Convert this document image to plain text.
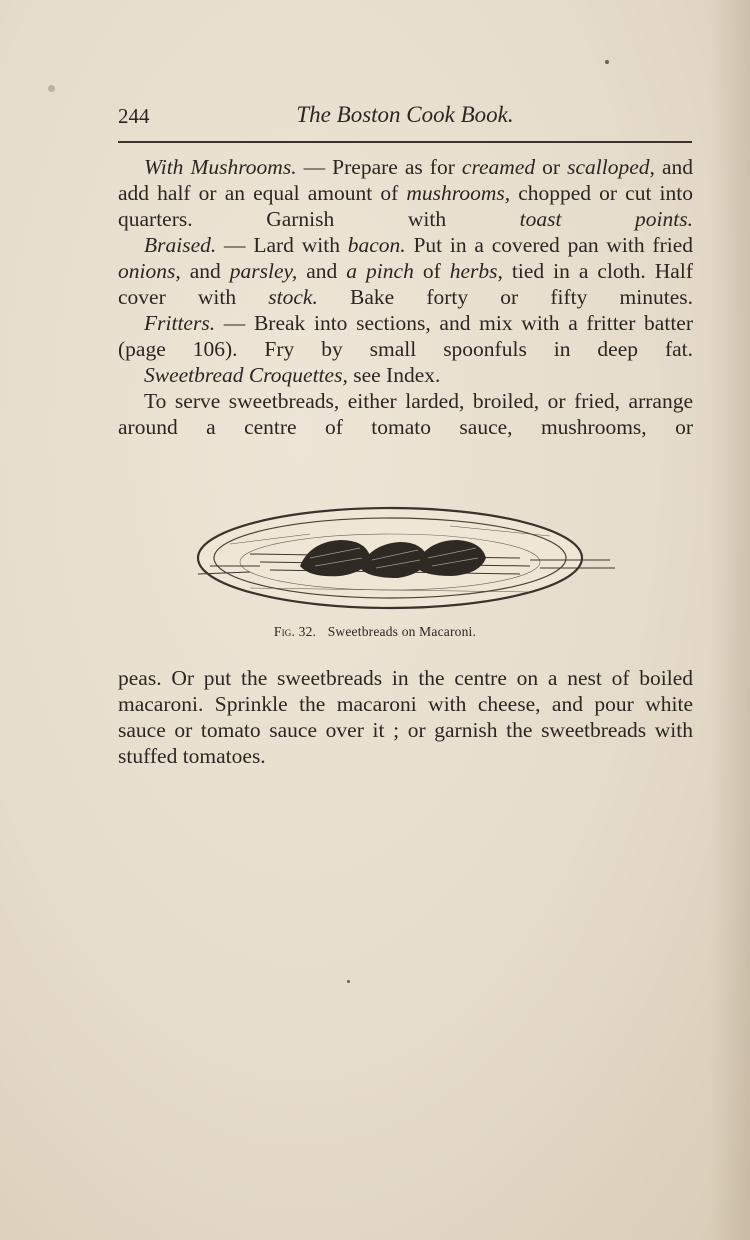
244	The Boston Cook Book.

With Mushrooms. — Prepare as for creamed or scalloped, and add half or an equal amount of mushrooms, chopped or cut into quarters. Garnish with toast points.

Braised. — Lard with bacon. Put in a covered pan with fried onions, and parsley, and a pinch of herbs, tied in a cloth. Half cover with stock. Bake forty or fifty minutes.

Fritters. — Break into sections, and mix with a fritter batter (page 106). Fry by small spoonfuls in deep fat.

Sweetbread Croquettes, see Index.

To serve sweetbreads, either larded, broiled, or fried, arrange around a centre of tomato sauce, mushrooms, or

Fig. 32. Sweetbreads on Macaroni.

peas. Or put the sweetbreads in the centre on a nest of boiled macaroni. Sprinkle the macaroni with cheese, and pour white sauce or tomato sauce over it ; or garnish the sweetbreads with stuffed tomatoes.
